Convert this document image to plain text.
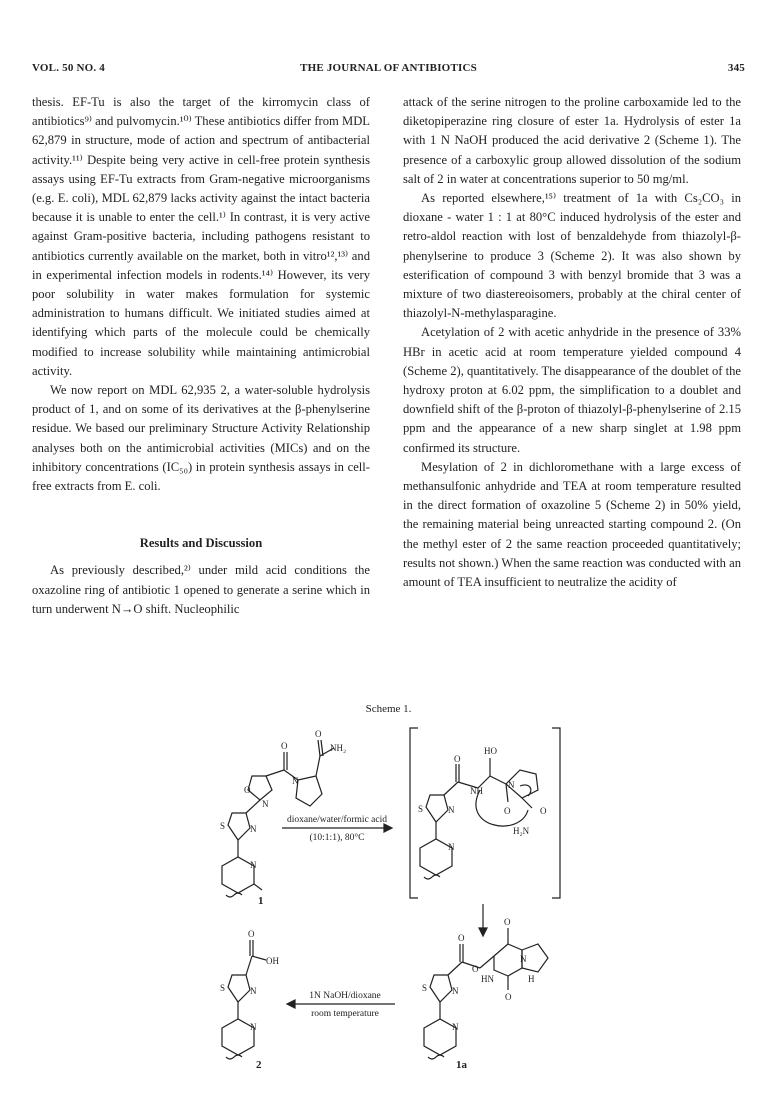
VOL. 50 NO. 4	THE JOURNAL OF ANTIBIOTICS	345

thesis. EF-Tu is also the target of the kirromycin class of antibiotics⁹⁾ and pulvomycin.¹⁰⁾ These antibiotics differ from MDL 62,879 in structure, mode of action and spectrum of antibacterial activity.¹¹⁾ Despite being very active in cell-free protein synthesis assays using EF-Tu extracts from Gram-negative microorganisms (e.g. E. coli), MDL 62,879 lacks activity against the intact bacteria because it is unable to enter the cell.¹⁾ In contrast, it is very active against Gram-positive bacteria, including pathogens resistant to antibiotics currently available on the market, both in vitro¹²,¹³⁾ and in experimental infection models in rodents.¹⁴⁾ However, its very poor solubility in water makes formulation for systemic administration to humans difficult. We initiated studies aimed at identifying which parts of the molecule could be chemically modified to increase solubility while maintaining antimicrobial activity.

We now report on MDL 62,935 2, a water-soluble hydrolysis product of 1, and on some of its derivatives at the β-phenylserine residue. We based our preliminary Structure Activity Relationship analyses both on the antimicrobial activities (MICs) and on the inhibitory concentrations (IC₅₀) in protein synthesis assays in cell-free extracts from E. coli.

Results and Discussion

As previously described,²⁾ under mild acid conditions the oxazoline ring of antibiotic 1 opened to generate a serine which in turn underwent N→O shift. Nucleophilic

attack of the serine nitrogen to the proline carboxamide led to the diketopiperazine ring closure of ester 1a. Hydrolysis of ester 1a with 1 N NaOH produced the acid derivative 2 (Scheme 1). The presence of a carboxylic group allowed dissolution of the sodium salt of 2 in water at concentrations superior to 50 mg/ml.

As reported elsewhere,¹⁵⁾ treatment of 1a with Cs₂CO₃ in dioxane - water 1 : 1 at 80°C induced hydrolysis of the ester and retro-aldol reaction with lost of benzaldehyde from thiazolyl-β-phenylserine to produce 3 (Scheme 2). It was also shown by esterification of compound 3 with benzyl bromide that 3 was a mixture of two diastereoisomers, probably at the chiral center of thiazolyl-N-methylasparagine.

Acetylation of 2 with acetic anhydride in the presence of 33% HBr in acetic acid at room temperature yielded compound 4 (Scheme 2), quantitatively. The disappearance of the doublet of the hydroxy proton at 6.02 ppm, the simplification to a doublet and downfield shift of the β-proton of thiazolyl-β-phenylserine of 2.15 ppm and the appearance of a new sharp singlet at 1.98 ppm confirmed its structure.

Mesylation of 2 in dichloromethane with a large excess of methansulfonic anhydride and TEA at room temperature resulted in the direct formation of oxazoline 5 (Scheme 2) in 50% yield, the remaining material being unreacted starting compound 2. (On the methyl ester of 2 the same reaction proceeded quantitatively; results not shown.) When the same reaction was conducted with an amount of TEA insufficient to neutralize the acidity of

Scheme 1.
NH₂
O
O
N
O
N
S	N
N
HO
O
NH
N
O
H₂N
O
S	N
N
O
OH
S	N
N
O
O
O
N
HN	H
O
S	N
N
dioxane/water/formic acid
(10:1:1), 80°C
1N NaOH/dioxane
room temperature
1
2	1a
